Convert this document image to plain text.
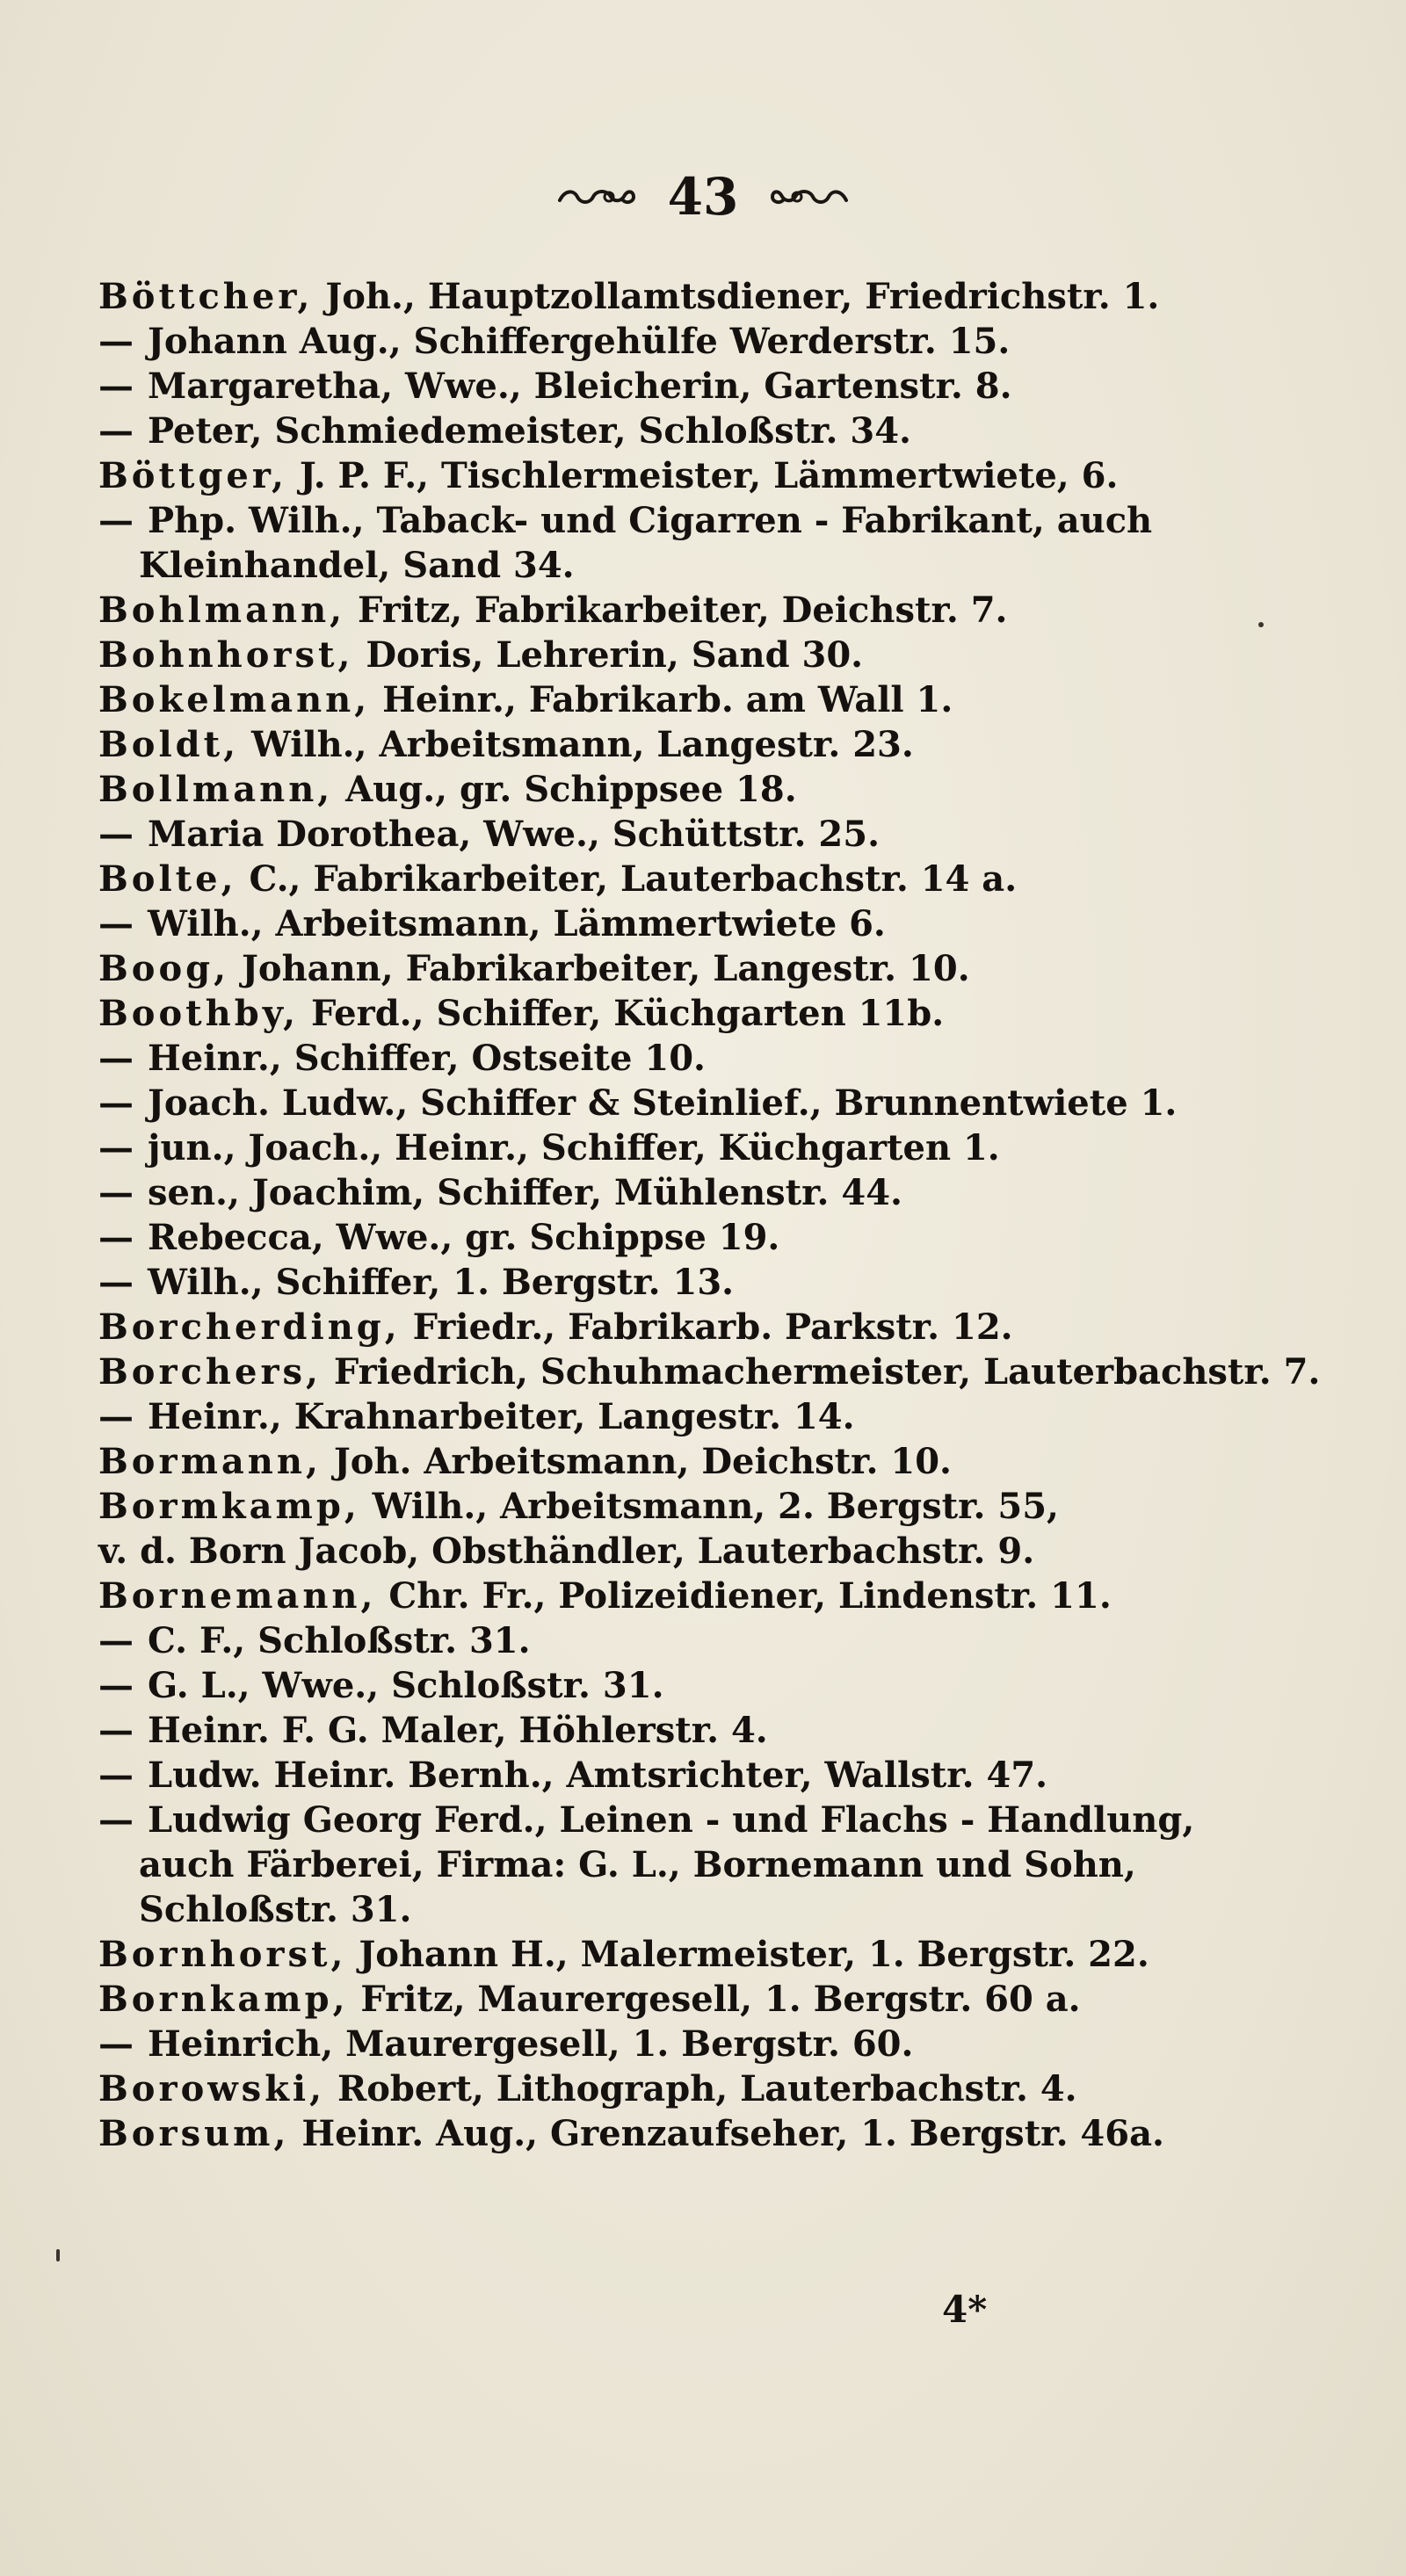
43
Böttcher, Joh., Hauptzollamtsdiener, Friedrichstr. 1.
— Johann Aug., Schiffergehülfe Werderstr. 15.
— Margaretha, Wwe., Bleicherin, Gartenstr. 8.
— Peter, Schmiedemeister, Schloßstr. 34.
Böttger, J. P. F., Tischlermeister, Lämmertwiete, 6.
— Php. Wilh., Taback- und Cigarren - Fabrikant, auch
Kleinhandel, Sand 34.
Bohlmann, Fritz, Fabrikarbeiter, Deichstr. 7.
Bohnhorst, Doris, Lehrerin, Sand 30.
Bokelmann, Heinr., Fabrikarb. am Wall 1.
Boldt, Wilh., Arbeitsmann, Langestr. 23.
Bollmann, Aug., gr. Schippsee 18.
— Maria Dorothea, Wwe., Schüttstr. 25.
Bolte, C., Fabrikarbeiter, Lauterbachstr. 14 a.
— Wilh., Arbeitsmann, Lämmertwiete 6.
Boog, Johann, Fabrikarbeiter, Langestr. 10.
Boothby, Ferd., Schiffer, Küchgarten 11b.
— Heinr., Schiffer, Ostseite 10.
— Joach. Ludw., Schiffer & Steinlief., Brunnentwiete 1.
— jun., Joach., Heinr., Schiffer, Küchgarten 1.
— sen., Joachim, Schiffer, Mühlenstr. 44.
— Rebecca, Wwe., gr. Schippse 19.
— Wilh., Schiffer, 1. Bergstr. 13.
Borcherding, Friedr., Fabrikarb. Parkstr. 12.
Borchers, Friedrich, Schuhmachermeister, Lauterbachstr. 7.
— Heinr., Krahnarbeiter, Langestr. 14.
Bormann, Joh. Arbeitsmann, Deichstr. 10.
Bormkamp, Wilh., Arbeitsmann, 2. Bergstr. 55,
v. d. Born Jacob, Obsthändler, Lauterbachstr. 9.
Bornemann, Chr. Fr., Polizeidiener, Lindenstr. 11.
— C. F., Schloßstr. 31.
— G. L., Wwe., Schloßstr. 31.
— Heinr. F. G. Maler, Höhlerstr. 4.
— Ludw. Heinr. Bernh., Amtsrichter, Wallstr. 47.
— Ludwig Georg Ferd., Leinen - und Flachs - Handlung,
auch Färberei, Firma: G. L., Bornemann und Sohn,
Schloßstr. 31.
Bornhorst, Johann H., Malermeister, 1. Bergstr. 22.
Bornkamp, Fritz, Maurergesell, 1. Bergstr. 60 a.
— Heinrich, Maurergesell, 1. Bergstr. 60.
Borowski, Robert, Lithograph, Lauterbachstr. 4.
Borsum, Heinr. Aug., Grenzaufseher, 1. Bergstr. 46a.
4*
